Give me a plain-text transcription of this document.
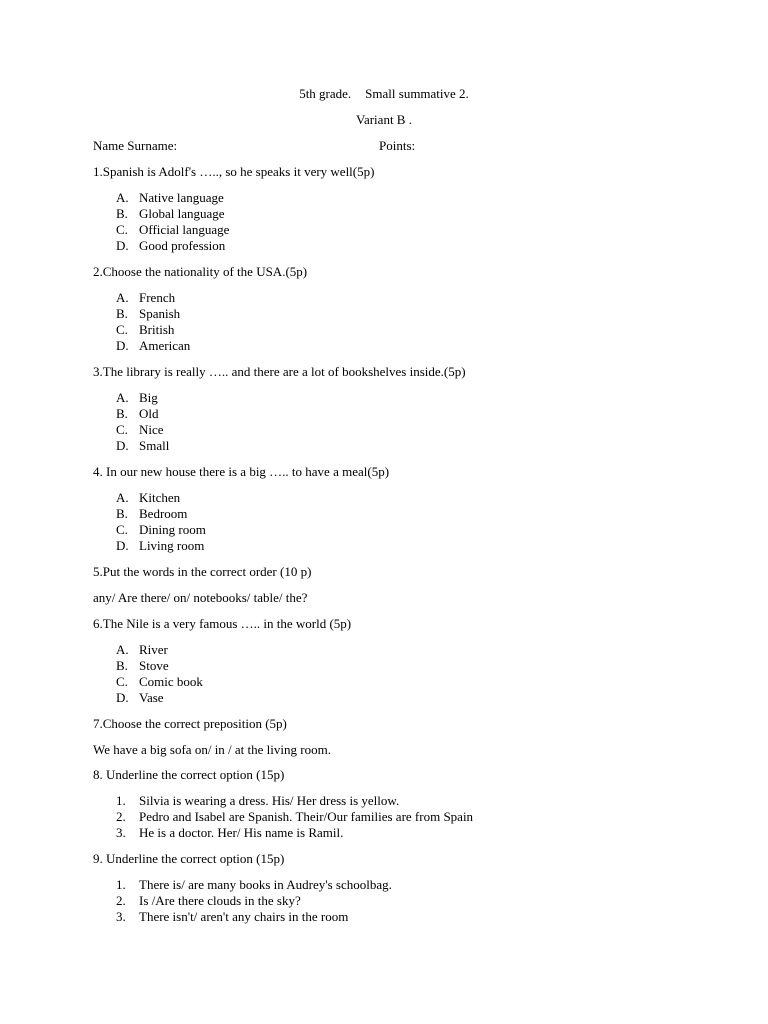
5th grade. Small summative 2.
Variant B .
Name Surname:	Points:
1.Spanish is Adolf's ….., so he speaks it very well(5p)
A. Native language
B. Global language
C. Official language
D. Good profession
2.Choose the nationality of the USA.(5p)
A. French
B. Spanish
C. British
D. American
3.The library is really ….. and there are a lot of bookshelves inside.(5p)
A. Big
B. Old
C. Nice
D. Small
4. In our new house there is a big ….. to have a meal(5p)
A. Kitchen
B. Bedroom
C. Dining room
D. Living room
5.Put the words in the correct order (10 p)
any/ Are there/ on/ notebooks/ table/ the?
6.The Nile is a very famous ….. in the world (5p)
A. River
B. Stove
C. Comic book
D. Vase
7.Choose the correct preposition (5p)
We have a big sofa on/ in / at the living room.
8. Underline the correct option (15p)
1. Silvia is wearing a dress. His/ Her dress is yellow.
2. Pedro and Isabel are Spanish. Their/Our families are from Spain
3. He is a doctor. Her/ His name is Ramil.
9. Underline the correct option (15p)
1. There is/ are many books in Audrey's schoolbag.
2. Is /Are there clouds in the sky?
3. There isn't/ aren't any chairs in the room
